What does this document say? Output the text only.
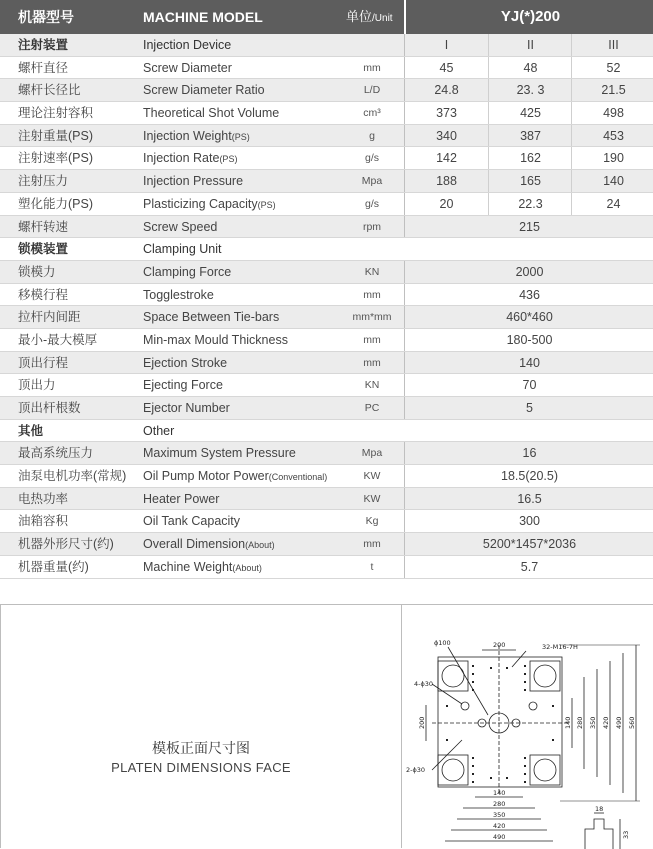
机器型号	MACHINE MODEL	单位/Unit	YJ(*)200
注射装置	Injection Device	I	II	III
螺杆直径	Screw Diameter	mm	45	48	52
螺杆长径比	Screw Diameter Ratio	L/D	24.8	23. 3	21.5
理论注射容积	Theoretical Shot Volume	cm³	373	425	498
注射重量(PS)	Injection Weight(PS)	g	340	387	453
注射速率(PS)	Injection Rate(PS)	g/s	142	162	190
注射压力	Injection Pressure	Mpa	188	165	140
塑化能力(PS)	Plasticizing Capacity(PS)	g/s	20	22.3	24
螺杆转速	Screw Speed	rpm	215
锁模装置	Clamping Unit
锁模力	Clamping Force	KN	2000
移模行程	Togglestroke	mm	436
拉杆内间距	Space Between Tie-bars	mm*mm	460*460
最小-最大模厚	Min-max Mould Thickness	mm	180-500
顶出行程	Ejection Stroke	mm	140
顶出力	Ejecting Force	KN	70
顶出杆根数	Ejector Number	PC	5
其他	Other
最高系统压力	Maximum System Pressure	Mpa	16
油泵电机功率(常规) Oil Pump Motor Power(Conventional)	KW	18.5(20.5)
电热功率	Heater Power	KW	16.5
油箱容积	Oil Tank Capacity	Kg	300
机器外形尺寸(约) Overall Dimension(About)	mm	5200*1457*2036
机器重量(约)	Machine Weight(About)	t	5.7
模板正面尺寸图
PLATEN DIMENSIONS FACE
ϕ100	200	32-M16-7H
4-ϕ30
2-ϕ30
200	140 280 350 420 490 560
140
280
350
420
490
18
33
